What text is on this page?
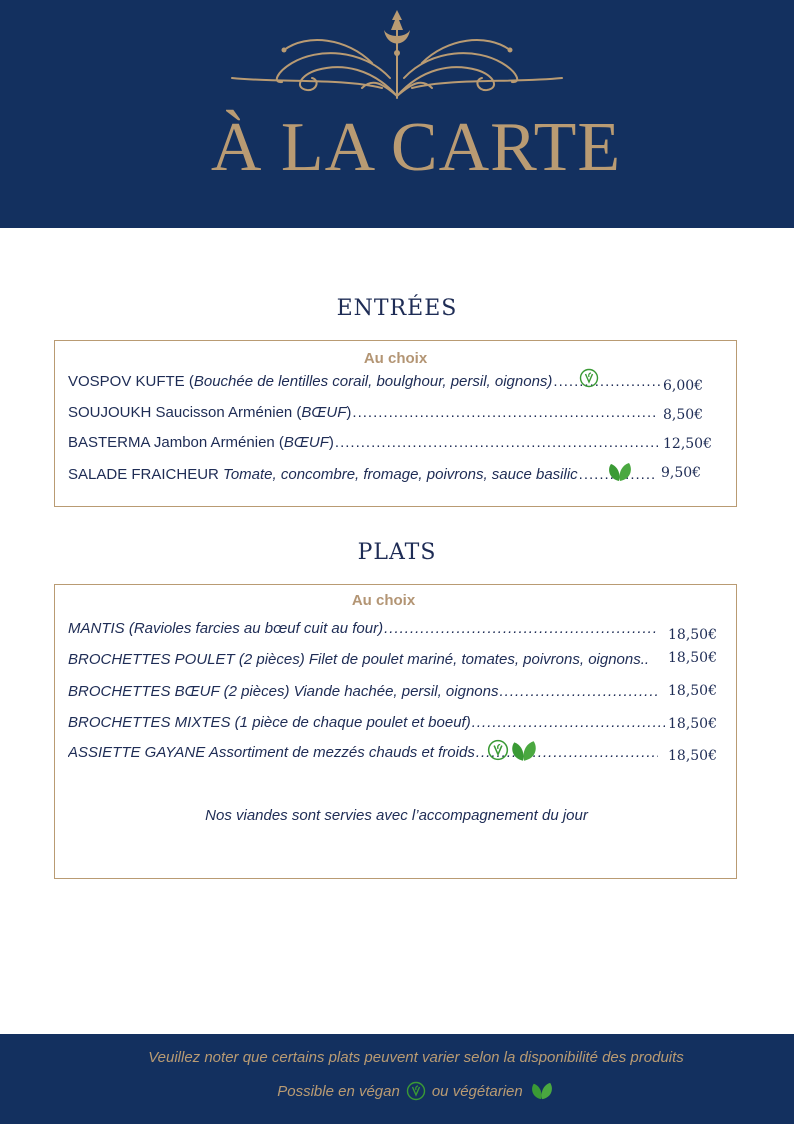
À LA CARTE
ENTRÉES
Au choix
VOSPOV KUFTE (Bouchée de lentilles corail, boulghour, persil, oignons) .....	6,00€
SOUJOUKH Saucisson Arménien (BŒUF) .....	8,50€
BASTERMA Jambon Arménien (BŒUF) .....	12,50€
SALADE FRAICHEUR Tomate, concombre, fromage, poivrons, sauce basilic .....	9,50€
PLATS
Au choix
MANTIS (Ravioles farcies au bœuf cuit au four) .....	18,50€
BROCHETTES POULET (2 pièces) Filet de poulet mariné, tomates, poivrons, oignons.. 18,50€
BROCHETTES BŒUF (2 pièces) Viande hachée, persil, oignons .....	18,50€
BROCHETTES MIXTES (1 pièce de chaque poulet et boeuf) .....	18,50€
ASSIETTE GAYANE Assortiment de mezzés chauds et froids .....	18,50€
Nos viandes sont servies avec l’accompagnement du jour
Veuillez noter que certains plats peuvent varier selon la disponibilité des produits
Possible en végan ou végétarien
